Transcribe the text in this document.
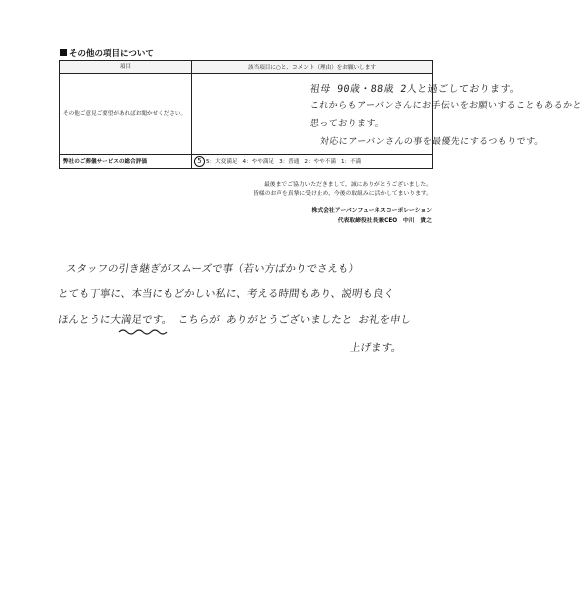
その他の項目について
項目	該当項目に○と、コメント（理由）をお願いします
その他ご意見ご要望があればお聞かせください。	祖母 90歳・88歳 2人と過ごしております。
これからもアーバンさんにお手伝いをお願いすることもあるかと
思っております。
対応にアーバンさんの事を最優先にするつもりです。

弊社のご葬儀サービスの総合評価	5 5：大変満足 4：やや満足 3：普通 2：やや不満 1：不満
最後までご協力いただきまして、誠にありがとうございました。
皆様のお声を真摯に受け止め、今後の取組みに活かしてまいります。
株式会社アーバンフューネスコーポレーション
代表取締役社長兼CEO　中川　貴之
スタッフの引き継ぎがスムーズで事（若い方ばかりでさえも）
とても丁寧に、本当にもどかしい私に、考える時間もあり、説明も良く
ほんとうに大満足です。　こちらが ありがとうございましたと お礼を申し
上げます。
